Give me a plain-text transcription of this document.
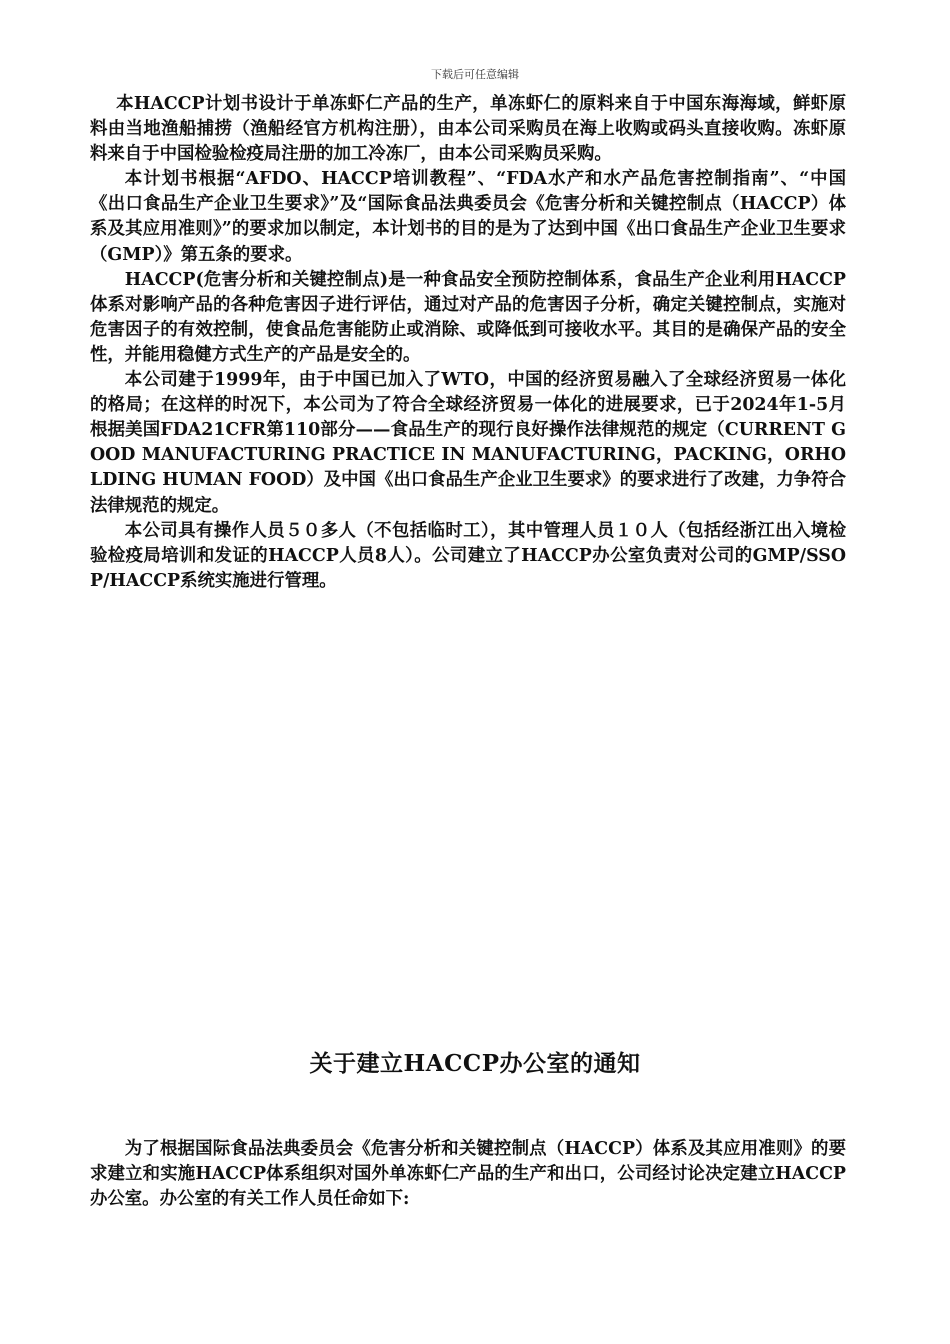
下载后可任意编辑

本HACCP计划书设计于单冻虾仁产品的生产，单冻虾仁的原料来自于中国东海海域，鲜虾原料由当地渔船捕捞（渔船经官方机构注册），由本公司采购员在海上收购或码头直接收购。冻虾原料来自于中国检验检疫局注册的加工冷冻厂，由本公司采购员采购。

本计划书根据“AFDO、HACCP培训教程”、“FDA水产和水产品危害控制指南”、“中国《出口食品生产企业卫生要求》”及“国际食品法典委员会《危害分析和关键控制点（HACCP）体系及其应用准则》”的要求加以制定，本计划书的目的是为了达到中国《出口食品生产企业卫生要求（GMP）》第五条的要求。

HACCP(危害分析和关键控制点)是一种食品安全预防控制体系，食品生产企业利用HACCP体系对影响产品的各种危害因子进行评估，通过对产品的危害因子分析，确定关键控制点，实施对危害因子的有效控制，使食品危害能防止或消除、或降低到可接收水平。其目的是确保产品的安全性，并能用稳健方式生产的产品是安全的。

本公司建于1999年，由于中国已加入了WTO，中国的经济贸易融入了全球经济贸易一体化的格局；在这样的时况下，本公司为了符合全球经济贸易一体化的进展要求，已于2024年1-5月根据美国FDA21CFR第110部分——食品生产的现行良好操作法律规范的规定（CURRENT GOOD MANUFACTURING PRACTICE IN MANUFACTURING，PACKING，ORHOLDING HUMAN FOOD）及中国《出口食品生产企业卫生要求》的要求进行了改建，力争符合法律规范的规定。

本公司具有操作人员５０多人（不包括临时工），其中管理人员１０人（包括经浙江出入境检验检疫局培训和发证的HACCP人员8人）。公司建立了HACCP办公室负责对公司的GMP/SSOP/HACCP系统实施进行管理。

关于建立HACCP办公室的通知

为了根据国际食品法典委员会《危害分析和关键控制点（HACCP）体系及其应用准则》的要求建立和实施HACCP体系组织对国外单冻虾仁产品的生产和出口，公司经讨论决定建立HACCP办公室。办公室的有关工作人员任命如下:
